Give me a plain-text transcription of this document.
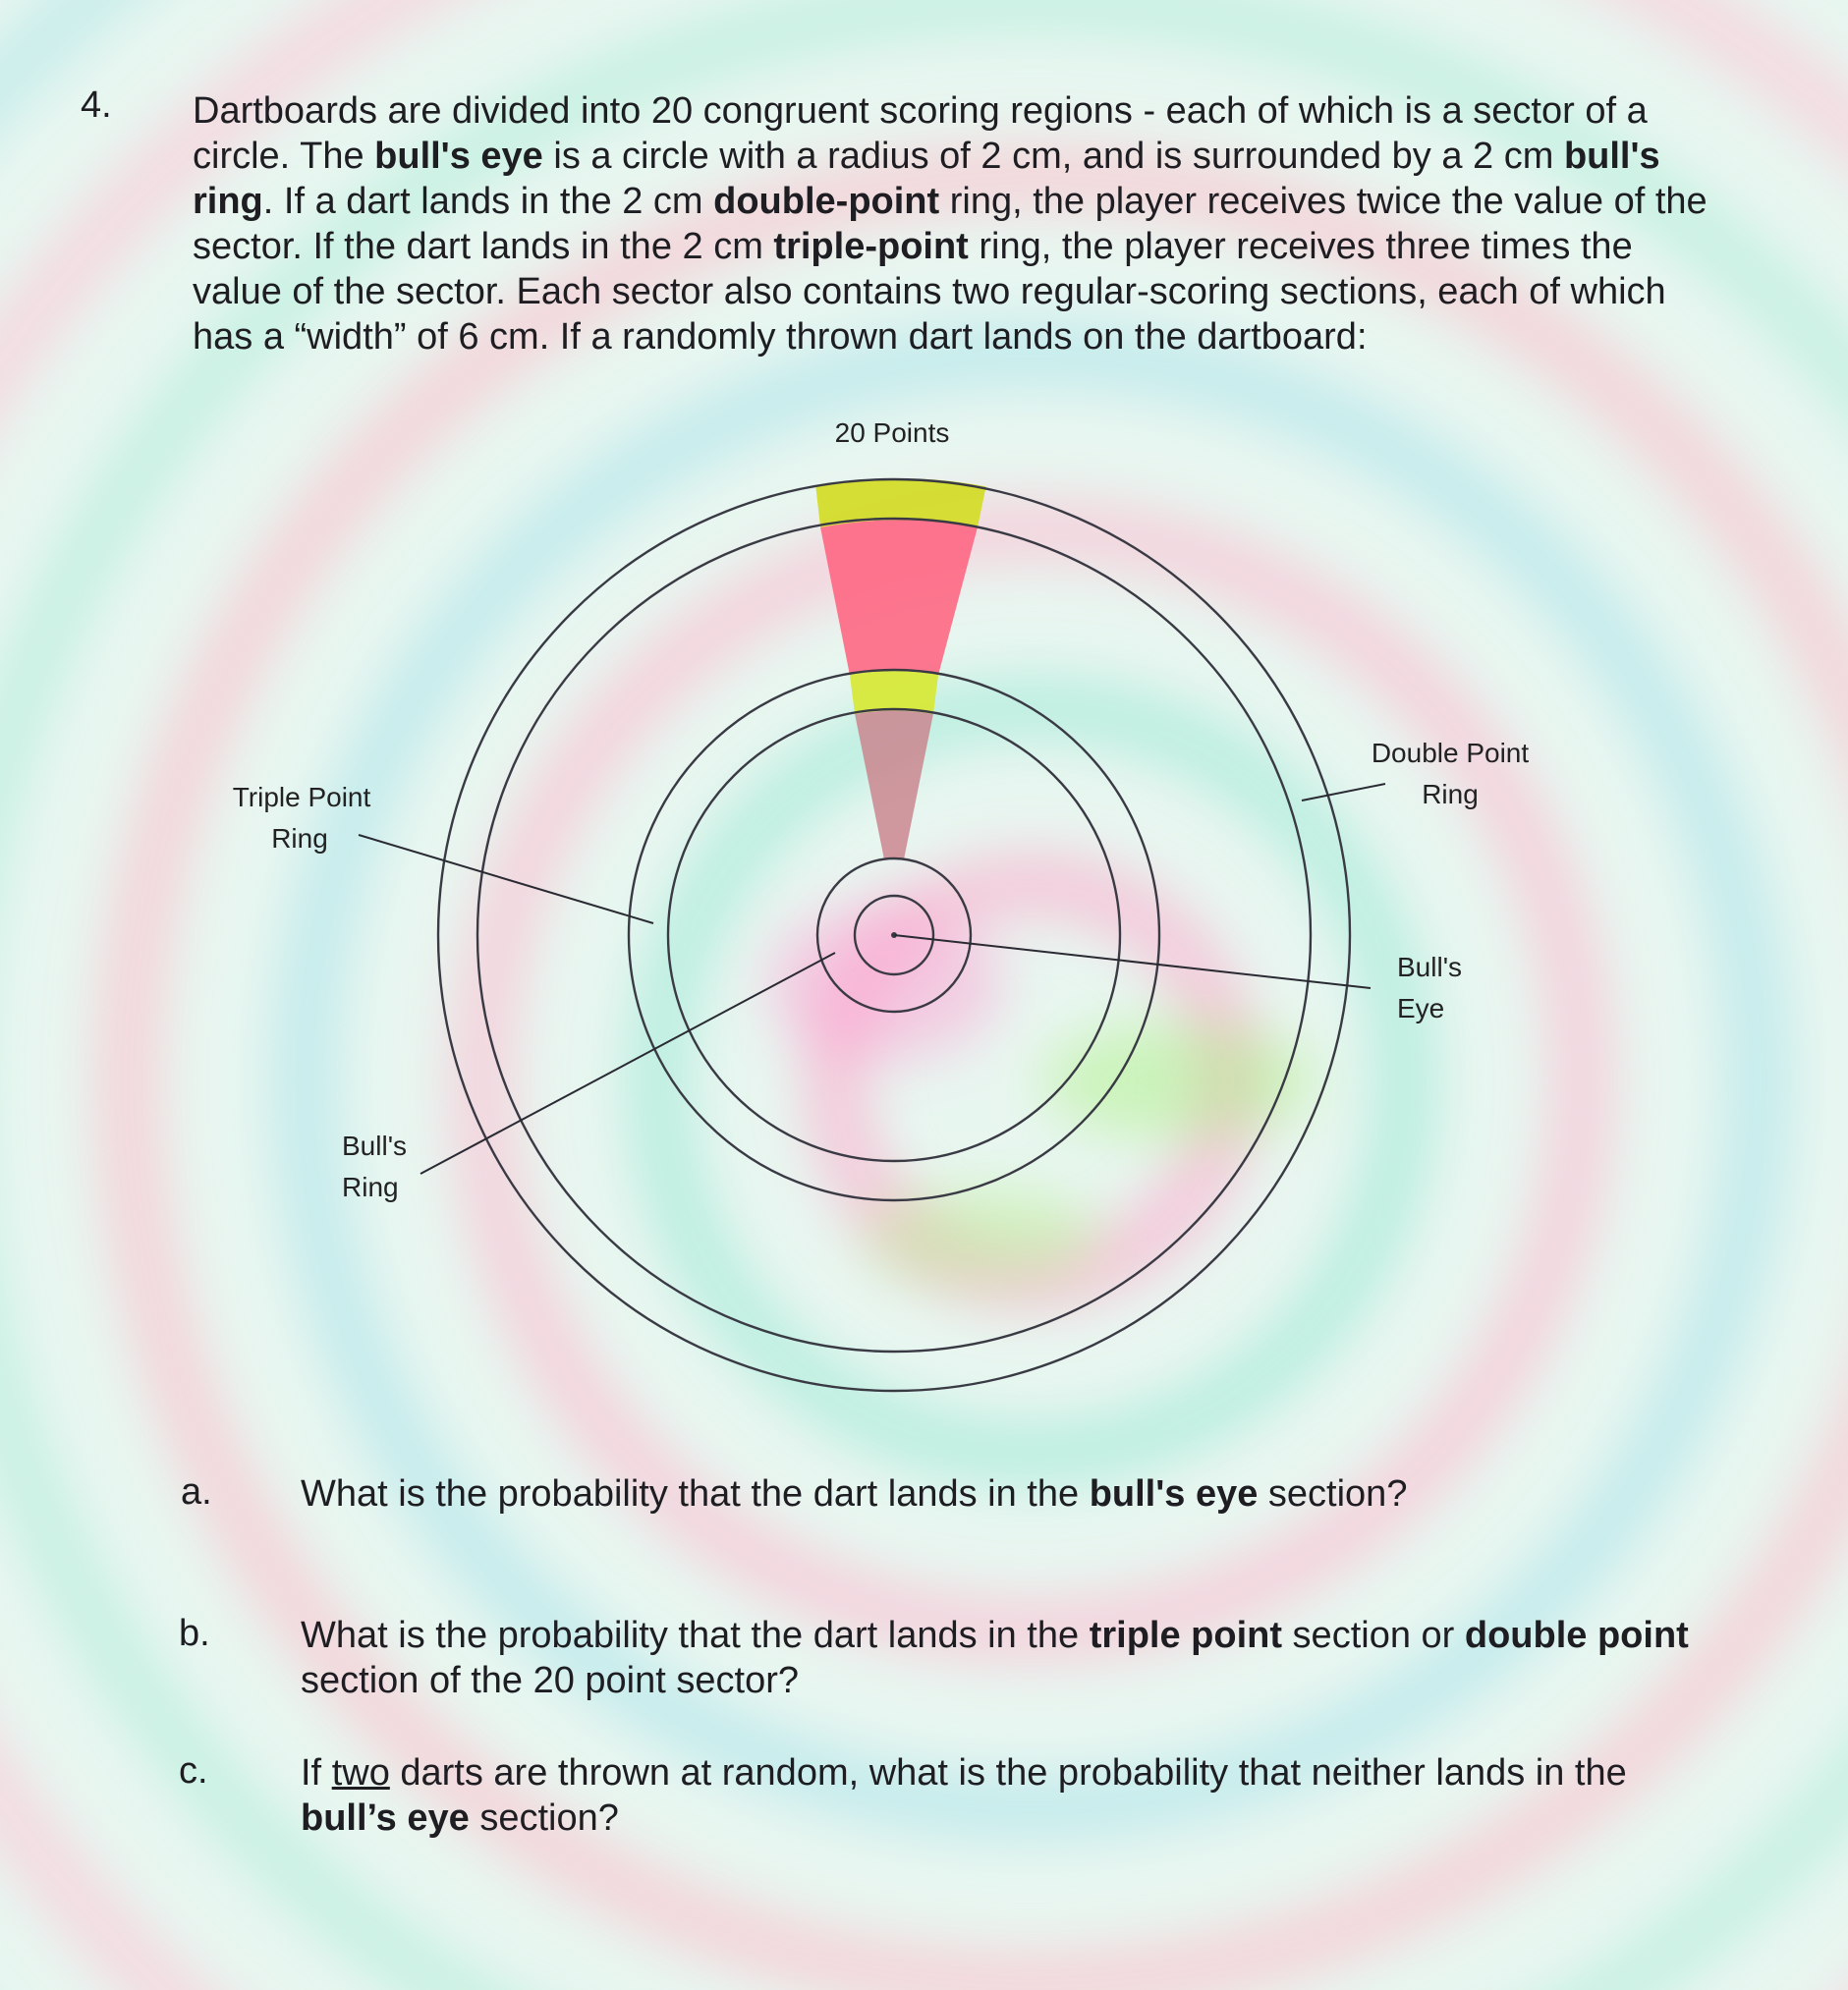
4. Dartboards are divided into 20 congruent scoring regions - each of which is a sector of a circle. The bull's eye is a circle with a radius of 2 cm, and is surrounded by a 2 cm bull's ring. If a dart lands in the 2 cm double-point ring, the player receives twice the value of the sector. If the dart lands in the 2 cm triple-point ring, the player receives three times the value of the sector. Each sector also contains two regular-scoring sections, each of which has a “width” of 6 cm. If a randomly thrown dart lands on the dartboard:
20 Points
Triple Point
Ring
Double Point
Ring
Bull's
Eye
Bull's
Ring
a. What is the probability that the dart lands in the bull's eye section?
b. What is the probability that the dart lands in the triple point section or double point section of the 20 point sector?
c. If two darts are thrown at random, what is the probability that neither lands in the bull’s eye section?
